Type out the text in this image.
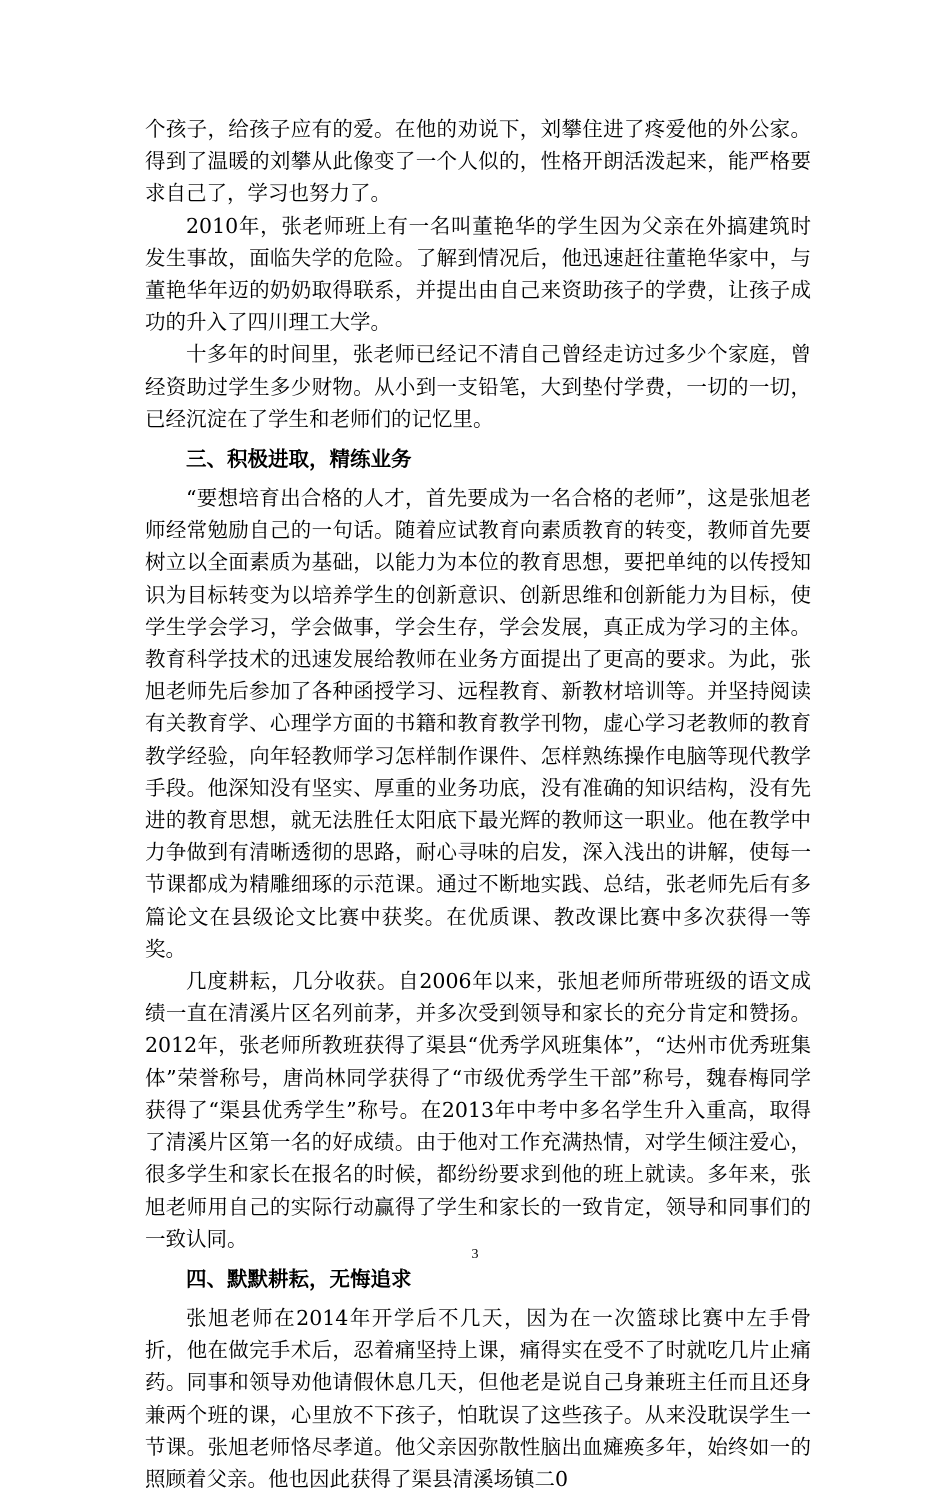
个孩子，给孩子应有的爱。在他的劝说下，刘攀住进了疼爱他的外公家。得到了温暖的刘攀从此像变了一个人似的，性格开朗活泼起来，能严格要求自己了，学习也努力了。

2010年，张老师班上有一名叫董艳华的学生因为父亲在外搞建筑时发生事故，面临失学的危险。了解到情况后，他迅速赶往董艳华家中，与董艳华年迈的奶奶取得联系，并提出由自己来资助孩子的学费，让孩子成功的升入了四川理工大学。

十多年的时间里，张老师已经记不清自己曾经走访过多少个家庭，曾经资助过学生多少财物。从小到一支铅笔，大到垫付学费，一切的一切，已经沉淀在了学生和老师们的记忆里。

三、积极进取，精练业务

“要想培育出合格的人才，首先要成为一名合格的老师”，这是张旭老师经常勉励自己的一句话。随着应试教育向素质教育的转变，教师首先要树立以全面素质为基础，以能力为本位的教育思想，要把单纯的以传授知识为目标转变为以培养学生的创新意识、创新思维和创新能力为目标，使学生学会学习，学会做事，学会生存，学会发展，真正成为学习的主体。教育科学技术的迅速发展给教师在业务方面提出了更高的要求。为此，张旭老师先后参加了各种函授学习、远程教育、新教材培训等。并坚持阅读有关教育学、心理学方面的书籍和教育教学刊物，虚心学习老教师的教育教学经验，向年轻教师学习怎样制作课件、怎样熟练操作电脑等现代教学手段。他深知没有坚实、厚重的业务功底，没有准确的知识结构，没有先进的教育思想，就无法胜任太阳底下最光辉的教师这一职业。他在教学中力争做到有清晰透彻的思路，耐心寻味的启发，深入浅出的讲解，使每一节课都成为精雕细琢的示范课。通过不断地实践、总结，张老师先后有多篇论文在县级论文比赛中获奖。在优质课、教改课比赛中多次获得一等奖。

几度耕耘，几分收获。自2006年以来，张旭老师所带班级的语文成绩一直在清溪片区名列前茅，并多次受到领导和家长的充分肯定和赞扬。2012年，张老师所教班获得了渠县“优秀学风班集体”，“达州市优秀班集体”荣誉称号，唐尚林同学获得了“市级优秀学生干部”称号，魏春梅同学获得了“渠县优秀学生”称号。在2013年中考中多名学生升入重高，取得了清溪片区第一名的好成绩。由于他对工作充满热情，对学生倾注爱心，很多学生和家长在报名的时候，都纷纷要求到他的班上就读。多年来，张旭老师用自己的实际行动赢得了学生和家长的一致肯定，领导和同事们的一致认同。

四、默默耕耘，无悔追求

张旭老师在2014年开学后不几天，因为在一次篮球比赛中左手骨折，他在做完手术后，忍着痛坚持上课，痛得实在受不了时就吃几片止痛药。同事和领导劝他请假休息几天，但他老是说自己身兼班主任而且还身兼两个班的课，心里放不下孩子，怕耽误了这些孩子。从来没耽误学生一节课。张旭老师恪尽孝道。他父亲因弥散性脑出血瘫痪多年，始终如一的照顾着父亲。他也因此获得了渠县清溪场镇二0

3
